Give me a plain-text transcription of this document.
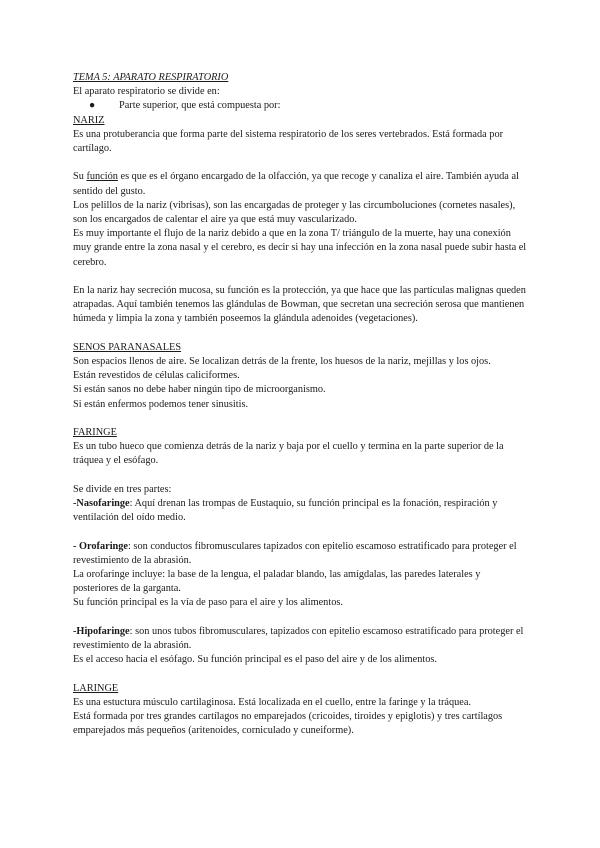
TEMA 5: APARATO RESPIRATORIO

El aparato respiratorio se divide en:

● Parte superior, que está compuesta por:

NARIZ

Es una protuberancia que forma parte del sistema respiratorio de los seres vertebrados. Está formada por cartílago.

Su función es que es el órgano encargado de la olfacción, ya que recoge y canaliza el aire. También ayuda al sentido del gusto.

Los pelillos de la nariz (vibrisas), son las encargadas de proteger y las circumboluciones (cornetes nasales), son los encargados de calentar el aire ya que está muy vascularizado.

Es muy importante el flujo de la nariz debido a que en la zona T/ triángulo de la muerte, hay una conexión muy grande entre la zona nasal y el cerebro, es decir si hay una infección en la zona nasal puede subir hasta el cerebro.

En la nariz hay secreción mucosa, su función es la protección, ya que hace que las partículas malignas queden atrapadas. Aquí también tenemos las glándulas de Bowman, que secretan una secreción serosa que mantienen húmeda y limpia la zona y también poseemos la glándula adenoides (vegetaciones).

SENOS PARANASALES

Son espacios llenos de aire. Se localizan detrás de la frente, los huesos de la nariz, mejillas y los ojos.

Están revestidos de células caliciformes.

Si están sanos no debe haber ningún tipo de microorganismo.

Si están enfermos podemos tener sinusitis.

FARINGE

Es un tubo hueco que comienza detrás de la nariz y baja por el cuello y termina en la parte superior de la tráquea y el esófago.

Se divide en tres partes:

-Nasofaringe: Aquí drenan las trompas de Eustaquio, su función principal es la fonación, respiración y ventilación del oído medio.

- Orofaringe: son conductos fibromusculares tapizados con epitelio escamoso estratificado para proteger el revestimiento de la abrasión.

La orofaringe incluye: la base de la lengua, el paladar blando, las amígdalas, las paredes laterales y posteriores de la garganta.

Su función principal es la vía de paso para el aire y los alimentos.

-Hipofaringe: son unos tubos fibromusculares, tapizados con epitelio escamoso estratificado para proteger el revestimiento de la abrasión.

Es el acceso hacia el esófago. Su función principal es el paso del aire y de los alimentos.

LARINGE

Es una estuctura músculo cartilaginosa. Está localizada en el cuello, entre la faringe y la tráquea.

Está formada por tres grandes cartílagos no emparejados (cricoides, tiroides y epiglotis) y tres cartílagos emparejados más pequeños (aritenoides, corniculado y cuneiforme).
